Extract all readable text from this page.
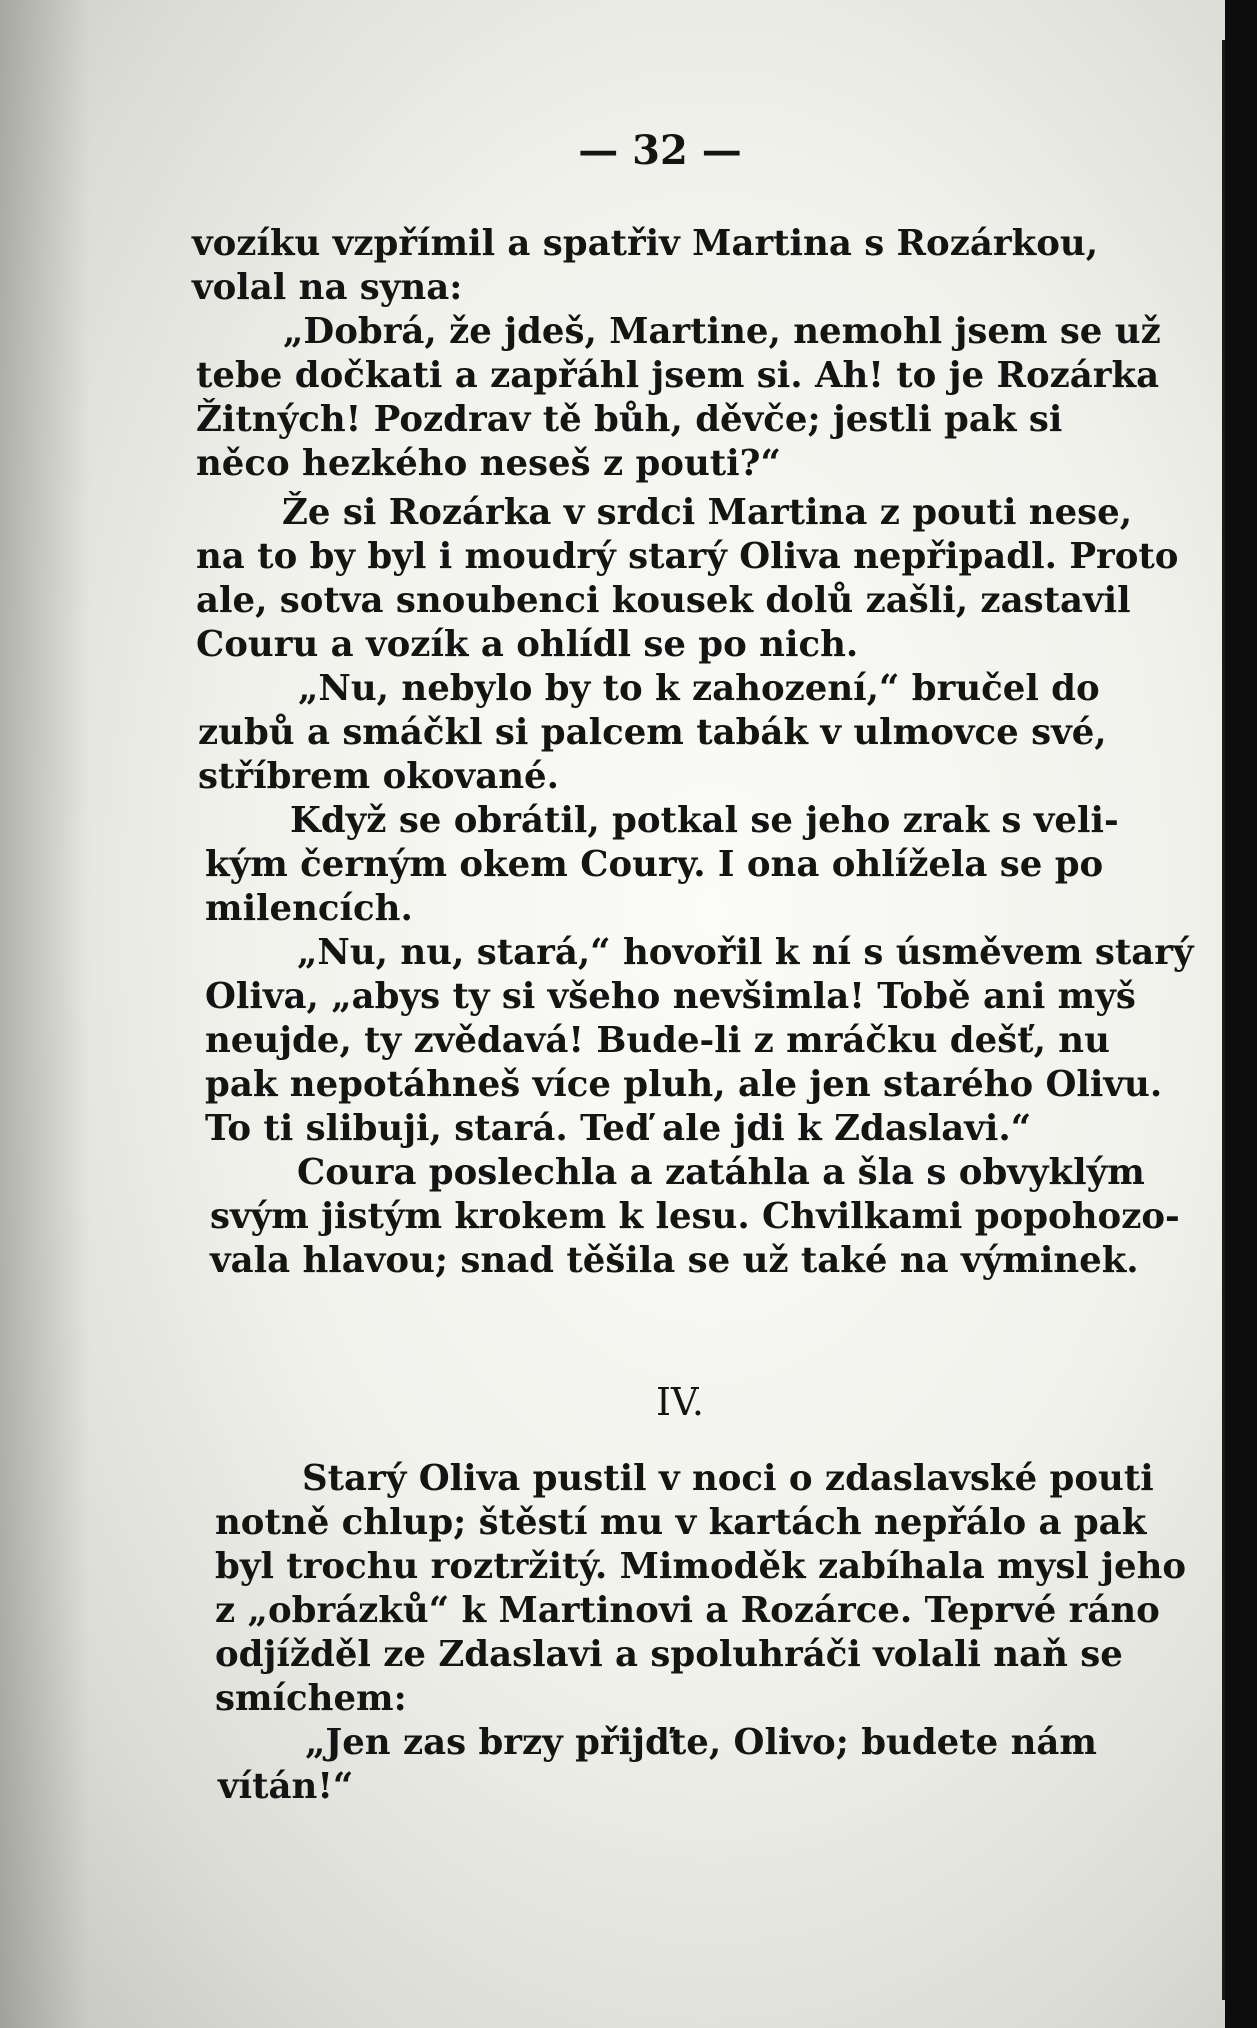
— 32 —
vozíku vzpřímil a spatřiv Martina s Rozárkou,
volal na syna:
„Dobrá, že jdeš, Martine, nemohl jsem se už
tebe dočkati a zapřáhl jsem si. Ah! to je Rozárka
Žitných! Pozdrav tě bůh, děvče; jestli pak si
něco hezkého neseš z pouti?“
Že si Rozárka v srdci Martina z pouti nese,
na to by byl i moudrý starý Oliva nepřipadl. Proto
ale, sotva snoubenci kousek dolů zašli, zastavil
Couru a vozík a ohlídl se po nich.
„Nu, nebylo by to k zahození,“ bručel do
zubů a smáčkl si palcem tabák v ulmovce své,
stříbrem okované.
Když se obrátil, potkal se jeho zrak s veli-
kým černým okem Coury. I ona ohlížela se po
milencích.
„Nu, nu, stará,“ hovořil k ní s úsměvem starý
Oliva, „abys ty si všeho nevšimla! Tobě ani myš
neujde, ty zvědavá! Bude-li z mráčku dešť, nu
pak nepotáhneš více pluh, ale jen starého Olivu.
To ti slibuji, stará. Teď ale jdi k Zdaslavi.“
Coura poslechla a zatáhla a šla s obvyklým
svým jistým krokem k lesu. Chvilkami popohozo-
vala hlavou; snad těšila se už také na výminek.
IV.
Starý Oliva pustil v noci o zdaslavské pouti
notně chlup; štěstí mu v kartách nepřálo a pak
byl trochu roztržitý. Mimoděk zabíhala mysl jeho
z „obrázků“ k Martinovi a Rozárce. Teprvé ráno
odjížděl ze Zdaslavi a spoluhráči volali naň se
smíchem:
„Jen zas brzy přijďte, Olivo; budete nám
vítán!“
